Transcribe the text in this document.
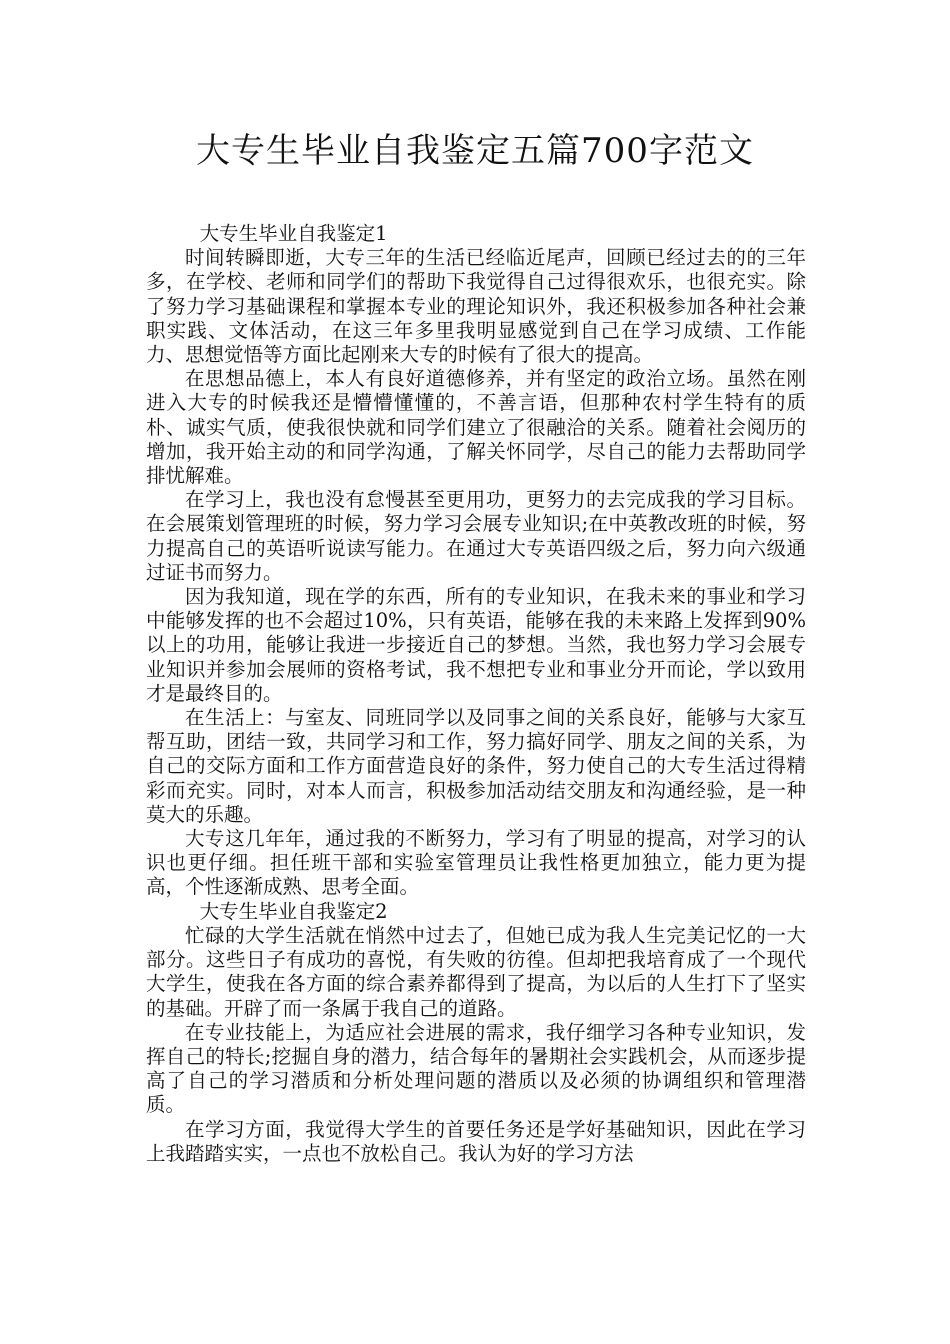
大专生毕业自我鉴定五篇700字范文

大专生毕业自我鉴定1

时间转瞬即逝，大专三年的生活已经临近尾声，回顾已经过去的的三年多，在学校、老师和同学们的帮助下我觉得自己过得很欢乐，也很充实。除了努力学习基础课程和掌握本专业的理论知识外，我还积极参加各种社会兼职实践、文体活动，在这三年多里我明显感觉到自己在学习成绩、工作能力、思想觉悟等方面比起刚来大专的时候有了很大的提高。

在思想品德上，本人有良好道德修养，并有坚定的政治立场。虽然在刚进入大专的时候我还是懵懵懂懂的，不善言语，但那种农村学生特有的质朴、诚实气质，使我很快就和同学们建立了很融洽的关系。随着社会阅历的增加，我开始主动的和同学沟通，了解关怀同学，尽自己的能力去帮助同学排忧解难。

在学习上，我也没有怠慢甚至更用功，更努力的去完成我的学习目标。在会展策划管理班的时候，努力学习会展专业知识;在中英教改班的时候，努力提高自己的英语听说读写能力。在通过大专英语四级之后，努力向六级通过证书而努力。

因为我知道，现在学的东西，所有的专业知识，在我未来的事业和学习中能够发挥的也不会超过10%，只有英语，能够在我的未来路上发挥到90%以上的功用，能够让我进一步接近自己的梦想。当然，我也努力学习会展专业知识并参加会展师的资格考试，我不想把专业和事业分开而论，学以致用才是最终目的。

在生活上：与室友、同班同学以及同事之间的关系良好，能够与大家互帮互助，团结一致，共同学习和工作，努力搞好同学、朋友之间的关系，为自己的交际方面和工作方面营造良好的条件，努力使自己的大专生活过得精彩而充实。同时，对本人而言，积极参加活动结交朋友和沟通经验，是一种莫大的乐趣。

大专这几年年，通过我的不断努力，学习有了明显的提高，对学习的认识也更仔细。担任班干部和实验室管理员让我性格更加独立，能力更为提高，个性逐渐成熟、思考全面。

大专生毕业自我鉴定2

忙碌的大学生活就在悄然中过去了，但她已成为我人生完美记忆的一大部分。这些日子有成功的喜悦，有失败的彷徨。但却把我培育成了一个现代大学生，使我在各方面的综合素养都得到了提高，为以后的人生打下了坚实的基础。开辟了而一条属于我自己的道路。

在专业技能上，为适应社会进展的需求，我仔细学习各种专业知识，发挥自己的特长;挖掘自身的潜力，结合每年的暑期社会实践机会，从而逐步提高了自己的学习潜质和分析处理问题的潜质以及必须的协调组织和管理潜质。

在学习方面，我觉得大学生的首要任务还是学好基础知识，因此在学习上我踏踏实实，一点也不放松自己。我认为好的学习方法
